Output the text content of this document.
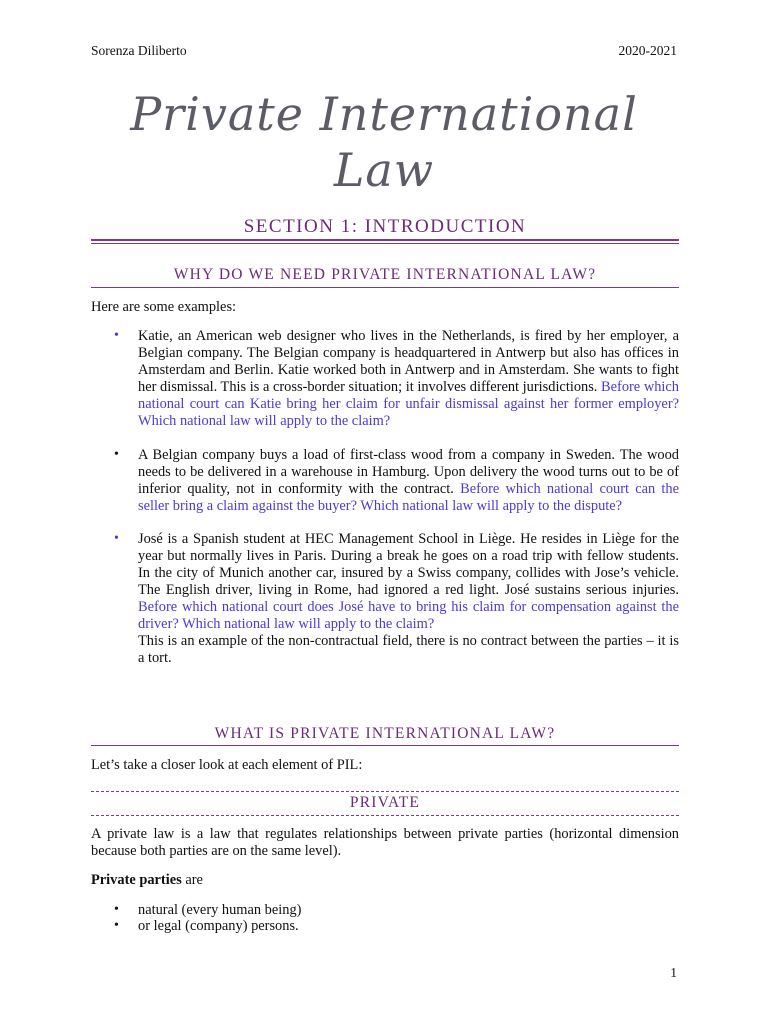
Sorenza Diliberto	2020-2021
Private International
Law
SECTION 1: INTRODUCTION
WHY DO WE NEED PRIVATE INTERNATIONAL LAW?
Here are some examples:
• Katie, an American web designer who lives in the Netherlands, is fired by her employer, a Belgian company. The Belgian company is headquartered in Antwerp but also has offices in Amsterdam and Berlin. Katie worked both in Antwerp and in Amsterdam. She wants to fight her dismissal. This is a cross-border situation; it involves different jurisdictions. Before which national court can Katie bring her claim for unfair dismissal against her former employer? Which national law will apply to the claim?
• A Belgian company buys a load of first-class wood from a company in Sweden. The wood needs to be delivered in a warehouse in Hamburg. Upon delivery the wood turns out to be of inferior quality, not in conformity with the contract. Before which national court can the seller bring a claim against the buyer? Which national law will apply to the dispute?
• José is a Spanish student at HEC Management School in Liège. He resides in Liège for the year but normally lives in Paris. During a break he goes on a road trip with fellow students. In the city of Munich another car, insured by a Swiss company, collides with Jose’s vehicle. The English driver, living in Rome, had ignored a red light. José sustains serious injuries. Before which national court does José have to bring his claim for compensation against the driver? Which national law will apply to the claim?
This is an example of the non-contractual field, there is no contract between the parties – it is a tort.
WHAT IS PRIVATE INTERNATIONAL LAW?
Let’s take a closer look at each element of PIL:
PRIVATE
A private law is a law that regulates relationships between private parties (horizontal dimension because both parties are on the same level).
Private parties are
• natural (every human being)
• or legal (company) persons.
1
